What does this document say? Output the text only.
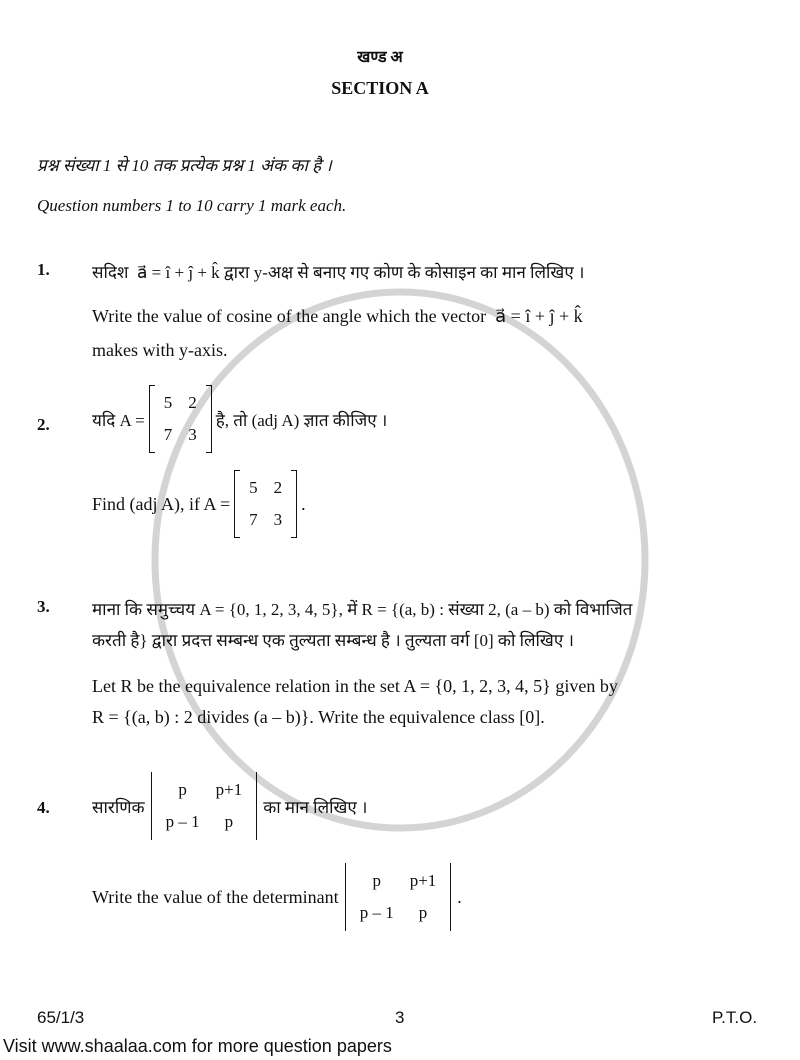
खण्ड अ
SECTION A
प्रश्न संख्या 1 से 10 तक प्रत्येक प्रश्न 1 अंक का है ।
Question numbers 1 to 10 carry 1 mark each.
1. सदिश a⃗ = î + ĵ + k̂ द्वारा y-अक्ष से बनाए गए कोण के कोसाइन का मान लिखिए ।
Write the value of cosine of the angle which the vector a⃗ = î + ĵ + k̂
makes with y-axis.
2. यदि A =
5	2
7	3
है, तो (adj A) ज्ञात कीजिए ।
Find (adj A), if A =
5	2
7	3
.
3. माना कि समुच्चय A = {0, 1, 2, 3, 4, 5}, में R = {(a, b) : संख्या 2, (a – b) को विभाजित
करती है} द्वारा प्रदत्त सम्बन्ध एक तुल्यता सम्बन्ध है । तुल्यता वर्ग [0] को लिखिए ।
Let R be the equivalence relation in the set A = {0, 1, 2, 3, 4, 5} given by
R = {(a, b) : 2 divides (a – b)}. Write the equivalence class [0].
4. सारणिक
p	p+1
p – 1	p
का मान लिखिए ।
Write the value of the determinant
p	p+1
p – 1	p
.
65/1/3	3	P.T.O.
Visit www.shaalaa.com for more question papers
